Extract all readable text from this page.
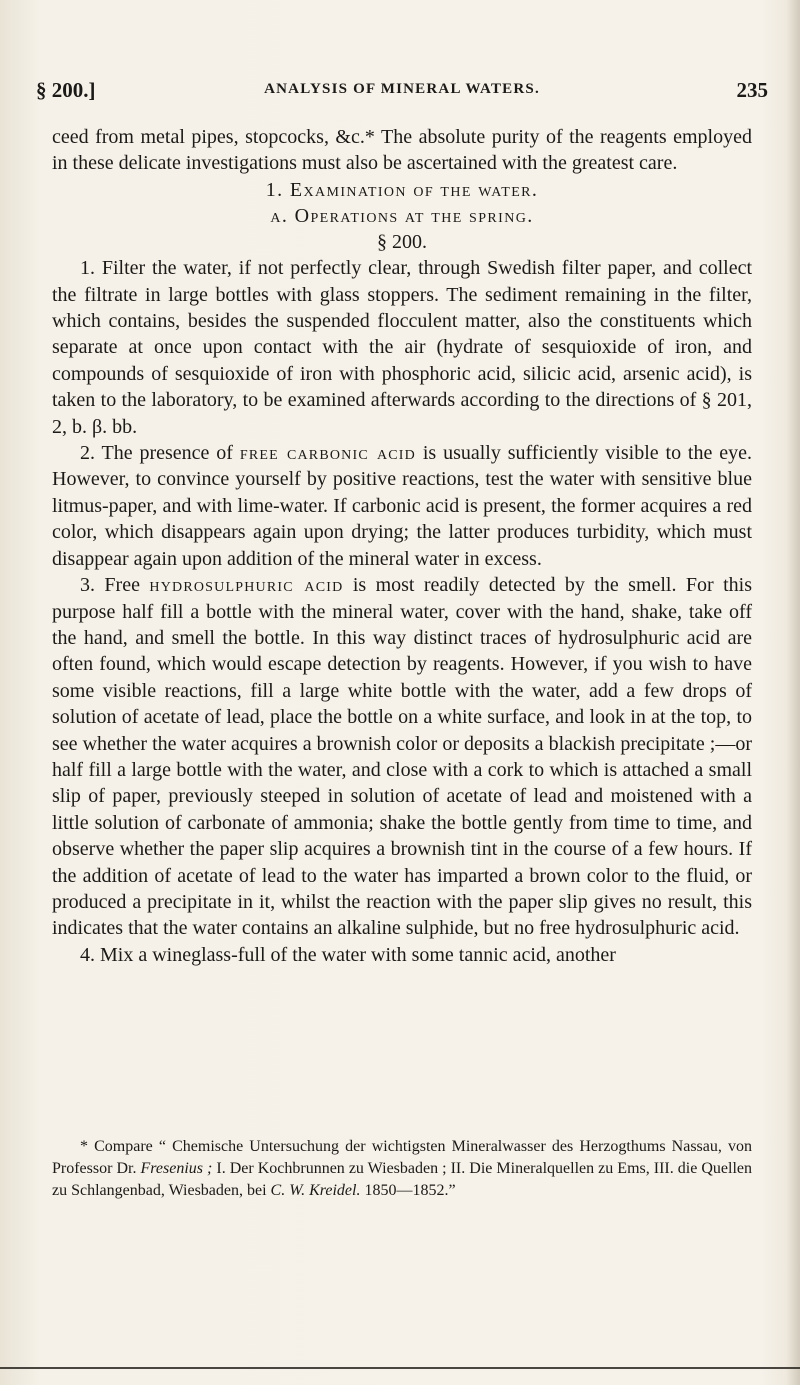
§ 200.]	ANALYSIS OF MINERAL WATERS.	235

ceed from metal pipes, stopcocks, &c.* The absolute purity of the reagents employed in these delicate investigations must also be ascertained with the greatest care.

1. Examination of the water.

a. Operations at the spring.

§ 200.

1. Filter the water, if not perfectly clear, through Swedish filter paper, and collect the filtrate in large bottles with glass stoppers. The sediment remaining in the filter, which contains, besides the suspended flocculent matter, also the constituents which separate at once upon contact with the air (hydrate of sesquioxide of iron, and compounds of sesquioxide of iron with phosphoric acid, silicic acid, arsenic acid), is taken to the laboratory, to be examined afterwards according to the directions of § 201, 2, b. β. bb.

2. The presence of free carbonic acid is usually sufficiently visible to the eye. However, to convince yourself by positive reactions, test the water with sensitive blue litmus-paper, and with lime-water. If carbonic acid is present, the former acquires a red color, which disappears again upon drying; the latter produces turbidity, which must disappear again upon addition of the mineral water in excess.

3. Free hydrosulphuric acid is most readily detected by the smell. For this purpose half fill a bottle with the mineral water, cover with the hand, shake, take off the hand, and smell the bottle. In this way distinct traces of hydrosulphuric acid are often found, which would escape detection by reagents. However, if you wish to have some visible reactions, fill a large white bottle with the water, add a few drops of solution of acetate of lead, place the bottle on a white surface, and look in at the top, to see whether the water acquires a brownish color or deposits a blackish precipitate ;—or half fill a large bottle with the water, and close with a cork to which is attached a small slip of paper, previously steeped in solution of acetate of lead and moistened with a little solution of carbonate of ammonia; shake the bottle gently from time to time, and observe whether the paper slip acquires a brownish tint in the course of a few hours. If the addition of acetate of lead to the water has imparted a brown color to the fluid, or produced a precipitate in it, whilst the reaction with the paper slip gives no result, this indicates that the water contains an alkaline sulphide, but no free hydrosulphuric acid.

4. Mix a wineglass-full of the water with some tannic acid, another

* Compare “ Chemische Untersuchung der wichtigsten Mineralwasser des Herzogthums Nassau, von Professor Dr. Fresenius ; I. Der Kochbrunnen zu Wiesbaden ; II. Die Mineralquellen zu Ems, III. die Quellen zu Schlangenbad, Wiesbaden, bei C. W. Kreidel. 1850—1852.”
